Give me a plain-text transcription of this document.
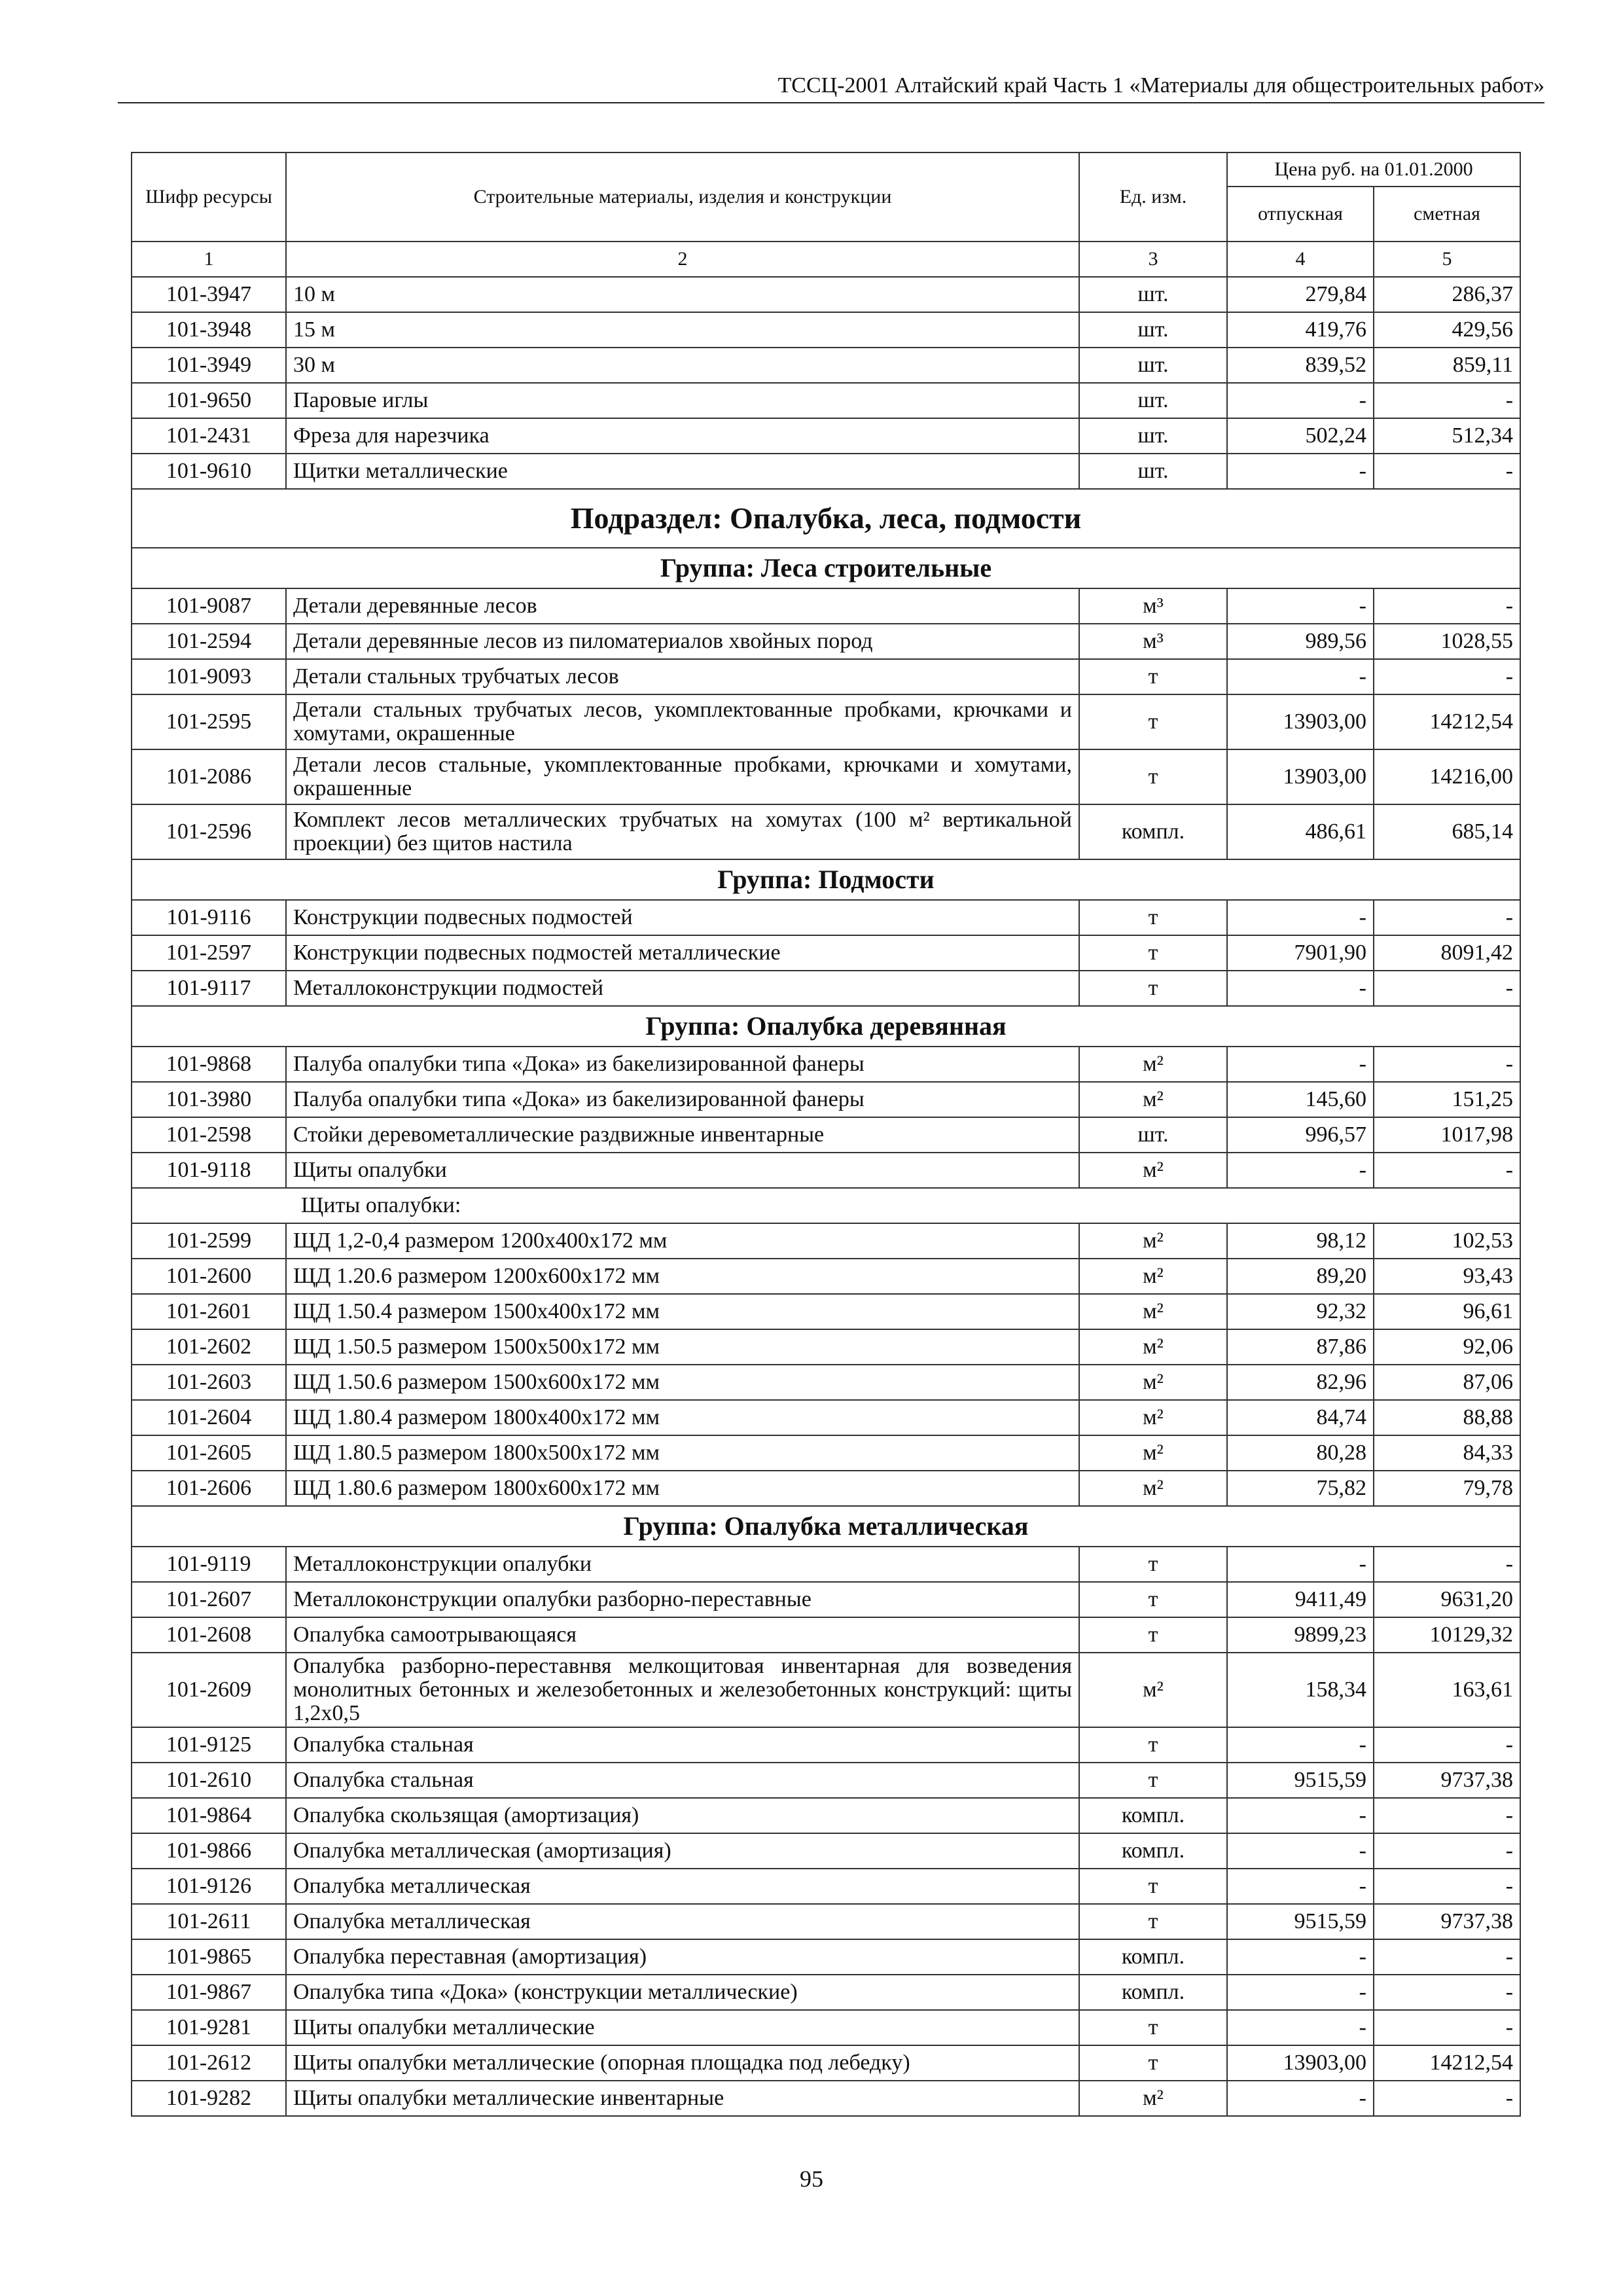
ТССЦ-2001 Алтайский край Часть 1 «Материалы для общестроительных работ»
Шифр ресурсы	Строительные материалы, изделия и конструкции	Ед. изм.	Цена руб. на 01.01.2000	
			отпускная	сметная
1	2	3	4	5
101-3947	10 м	шт.	279,84	286,37
101-3948	15 м	шт.	419,76	429,56
101-3949	30 м	шт.	839,52	859,11
101-9650	Паровые иглы	шт.	-	-
101-2431	Фреза для нарезчика	шт.	502,24	512,34
101-9610	Щитки металлические	шт.	-	-
Подраздел: Опалубка, леса, подмости				
Группа: Леса строительные				
101-9087	Детали деревянные лесов	м³	-	-
101-2594	Детали деревянные лесов из пиломатериалов хвойных пород	м³	989,56	1028,55
101-9093	Детали стальных трубчатых лесов	т	-	-
101-2595	Детали стальных трубчатых лесов, укомплектованные пробками, крючками и хомутами, окрашенные	т	13903,00	14212,54
101-2086	Детали лесов стальные, укомплектованные пробками, крючками и хомутами, окрашенные	т	13903,00	14216,00
101-2596	Комплект лесов металлических трубчатых на хомутах (100 м² вертикальной проекции) без щитов настила	компл.	486,61	685,14
Группа: Подмости				
101-9116	Конструкции подвесных подмостей	т	-	-
101-2597	Конструкции подвесных подмостей металлические	т	7901,90	8091,42
101-9117	Металлоконструкции подмостей	т	-	-
Группа: Опалубка деревянная				
101-9868	Палуба опалубки типа «Дока» из бакелизированной фанеры	м²	-	-
101-3980	Палуба опалубки типа «Дока» из бакелизированной фанеры	м²	145,60	151,25
101-2598	Стойки деревометаллические раздвижные инвентарные	шт.	996,57	1017,98
101-9118	Щиты опалубки	м²	-	-
Щиты опалубки:				
101-2599	ЩД 1,2-0,4 размером 1200х400х172 мм	м²	98,12	102,53
101-2600	ЩД 1.20.6 размером 1200х600х172 мм	м²	89,20	93,43
101-2601	ЩД 1.50.4 размером 1500х400х172 мм	м²	92,32	96,61
101-2602	ЩД 1.50.5 размером 1500х500х172 мм	м²	87,86	92,06
101-2603	ЩД 1.50.6 размером 1500х600х172 мм	м²	82,96	87,06
101-2604	ЩД 1.80.4 размером 1800х400х172 мм	м²	84,74	88,88
101-2605	ЩД 1.80.5 размером 1800х500х172 мм	м²	80,28	84,33
101-2606	ЩД 1.80.6 размером 1800х600х172 мм	м²	75,82	79,78
Группа: Опалубка металлическая				
101-9119	Металлоконструкции опалубки	т	-	-
101-2607	Металлоконструкции опалубки разборно-переставные	т	9411,49	9631,20
101-2608	Опалубка самоотрывающаяся	т	9899,23	10129,32
101-2609	Опалубка разборно-переставнвя мелкощитовая инвентарная для возведения монолитных бетонных и железобетонных и железобетонных конструкций: щиты 1,2х0,5	м²	158,34	163,61
101-9125	Опалубка стальная	т	-	-
101-2610	Опалубка стальная	т	9515,59	9737,38
101-9864	Опалубка скользящая (амортизация)	компл.	-	-
101-9866	Опалубка металлическая (амортизация)	компл.	-	-
101-9126	Опалубка металлическая	т	-	-
101-2611	Опалубка металлическая	т	9515,59	9737,38
101-9865	Опалубка переставная (амортизация)	компл.	-	-
101-9867	Опалубка типа «Дока» (конструкции металлические)	компл.	-	-
101-9281	Щиты опалубки металлические	т	-	-
101-2612	Щиты опалубки металлические (опорная площадка под лебедку)	т	13903,00	14212,54
101-9282	Щиты опалубки металлические инвентарные	м²	-	-
95
